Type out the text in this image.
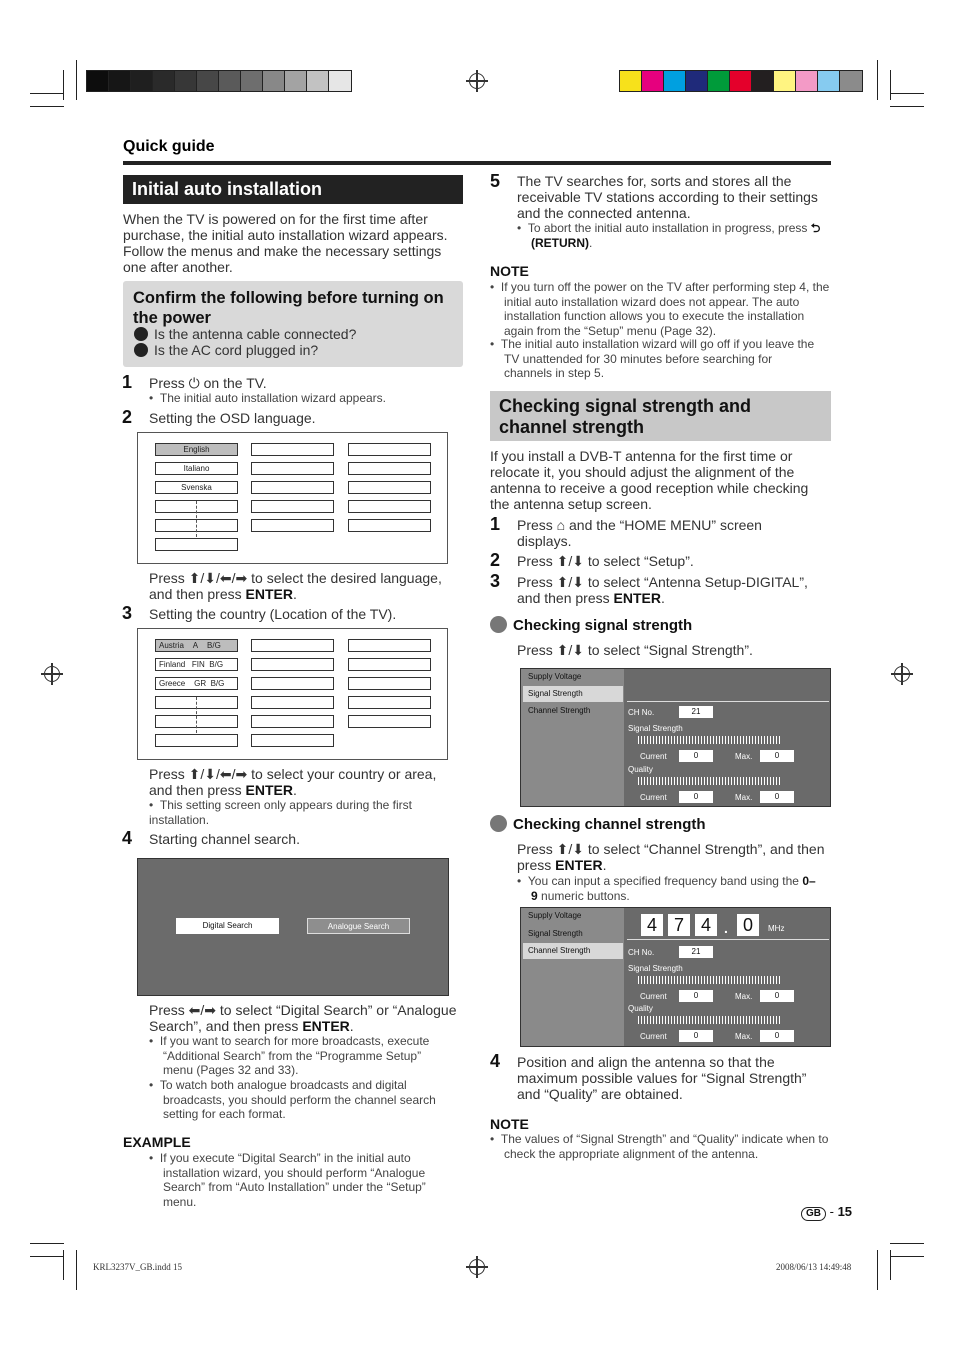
Quick guide
Initial auto installation
When the TV is powered on for the first time after purchase, the initial auto installation wizard appears. Follow the menus and make the necessary settings one after another.
Confirm the following before turning on the power
Is the antenna cable connected?
Is the AC cord plugged in?
1 Press ⏻ on the TV.
•  The initial auto installation wizard appears.
2 Setting the OSD language.
English
Italiano
Svenska
Press ⬆/⬇/⬅/➡ to select the desired language, and then press ENTER.
3 Setting the country (Location of the TV).
Austria A B/G
Finland FIN B/G
Greece GR B/G
Press ⬆/⬇/⬅/➡ to select your country or area, and then press ENTER.
•  This setting screen only appears during the first installation.
4 Starting channel search.
Digital Search	Analogue Search
Press ⬅/➡ to select “Digital Search” or “Analogue Search”, and then press ENTER.
•  If you want to search for more broadcasts, execute “Additional Search” from the “Programme Setup” menu (Pages 32 and 33).
•  To watch both analogue broadcasts and digital broadcasts, you should perform the channel search setting for each format.
EXAMPLE
•  If you execute “Digital Search” in the initial auto installation wizard, you should perform “Analogue Search” from “Auto Installation” under the “Setup” menu.
5 The TV searches for, sorts and stores all the receivable TV stations according to their settings and the connected antenna.
•  To abort the initial auto installation in progress, press ⮌ (RETURN).
NOTE
•  If you turn off the power on the TV after performing step 4, the initial auto installation wizard does not appear. The auto installation function allows you to execute the installation again from the “Setup” menu (Page 32).
•  The initial auto installation wizard will go off if you leave the TV unattended for 30 minutes before searching for channels in step 5.
Checking signal strength and channel strength
If you install a DVB-T antenna for the first time or relocate it, you should adjust the alignment of the antenna to receive a good reception while checking the antenna setup screen.
1 Press ⌂ and the “HOME MENU” screen displays.
2 Press ⬆/⬇ to select “Setup”.
3 Press ⬆/⬇ to select “Antenna Setup-DIGITAL”, and then press ENTER.
Checking signal strength
Press ⬆/⬇ to select “Signal Strength”.
Supply Voltage
Signal Strength
Channel Strength	CH No.	21
Signal Strength
Current	0	Max.	0
Quality
Current	0	Max.	0
Checking channel strength
Press ⬆/⬇ to select “Channel Strength”, and then press ENTER.
•  You can input a specified frequency band using the 0–9 numeric buttons.
Supply Voltage
Signal Strength
Channel Strength
4 7 4 . 0	MHz
CH No.	21
Signal Strength
Current	0	Max.	0
Quality
Current	0	Max.	0
4 Position and align the antenna so that the maximum possible values for “Signal Strength” and “Quality” are obtained.
NOTE
•  The values of “Signal Strength” and “Quality” indicate when to check the appropriate alignment of the antenna.
GB - 15
KRL3237V_GB.indd 15	2008/06/13 14:49:48
